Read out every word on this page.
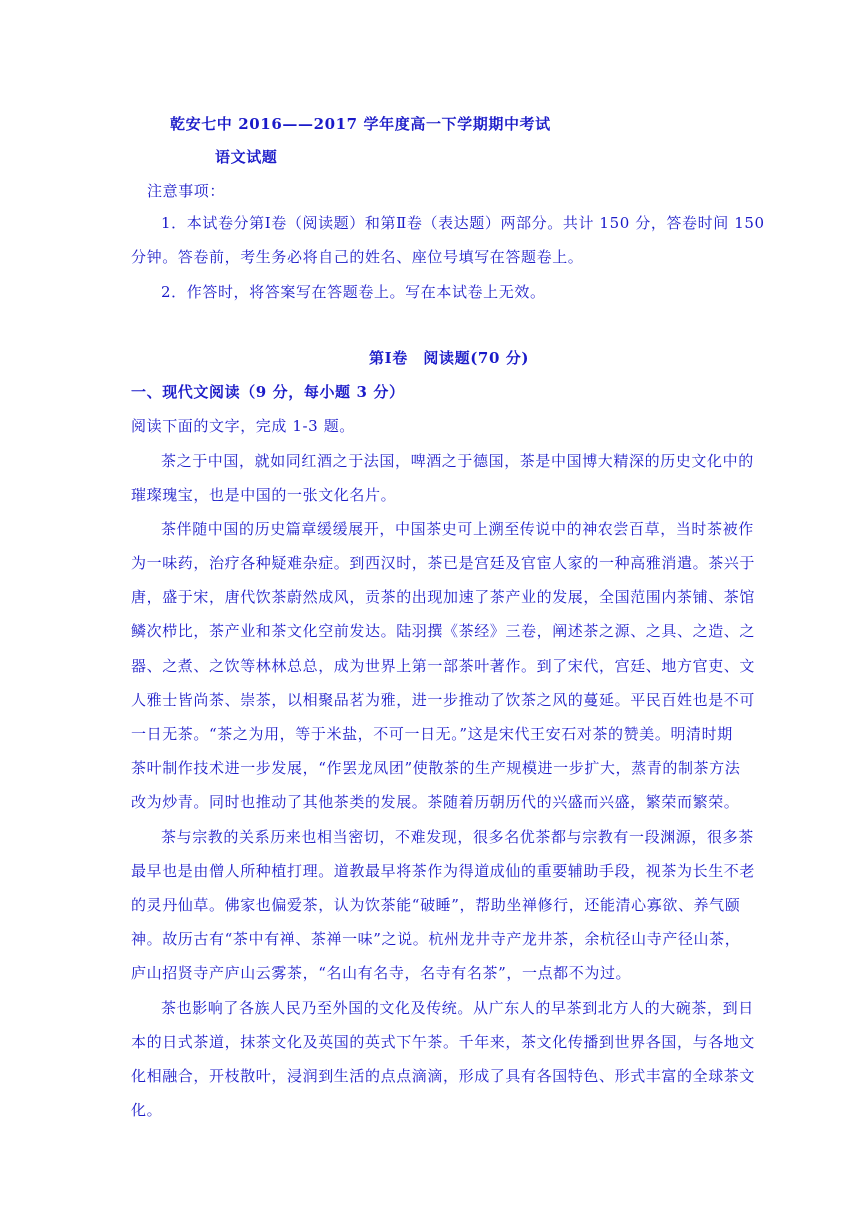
乾安七中 2016——2017 学年度高一下学期期中考试
语文试题
注意事项：
1．本试卷分第Ⅰ卷（阅读题）和第Ⅱ卷（表达题）两部分。共计 150 分，答卷时间 150
分钟。答卷前，考生务必将自己的姓名、座位号填写在答题卷上。
2．作答时，将答案写在答题卷上。写在本试卷上无效。
第Ⅰ卷　阅读题(70 分)
一、现代文阅读（9 分，每小题 3 分）
阅读下面的文字，完成 1-3 题。
茶之于中国，就如同红酒之于法国，啤酒之于德国，茶是中国博大精深的历史文化中的
璀璨瑰宝，也是中国的一张文化名片。
茶伴随中国的历史篇章缓缓展开，中国茶史可上溯至传说中的神农尝百草，当时茶被作
为一味药，治疗各种疑难杂症。到西汉时，茶已是宫廷及官宦人家的一种高雅消遣。茶兴于
唐，盛于宋，唐代饮茶蔚然成风，贡茶的出现加速了茶产业的发展，全国范围内茶铺、茶馆
鳞次栉比，茶产业和茶文化空前发达。陆羽撰《茶经》三卷，阐述茶之源、之具、之造、之
器、之煮、之饮等林林总总，成为世界上第一部茶叶著作。到了宋代，宫廷、地方官吏、文
人雅士皆尚茶、崇茶，以相聚品茗为雅，进一步推动了饮茶之风的蔓延。平民百姓也是不可
一日无茶。“茶之为用，等于米盐，不可一日无。”这是宋代王安石对茶的赞美。明清时期
茶叶制作技术进一步发展，“作罢龙凤团”使散茶的生产规模进一步扩大，蒸青的制茶方法
改为炒青。同时也推动了其他茶类的发展。茶随着历朝历代的兴盛而兴盛，繁荣而繁荣。
茶与宗教的关系历来也相当密切，不难发现，很多名优茶都与宗教有一段渊源，很多茶
最早也是由僧人所种植打理。道教最早将茶作为得道成仙的重要辅助手段，视茶为长生不老
的灵丹仙草。佛家也偏爱茶，认为饮茶能“破睡”，帮助坐禅修行，还能清心寡欲、养气颐
神。故历古有“茶中有禅、茶禅一味”之说。杭州龙井寺产龙井茶，余杭径山寺产径山茶，
庐山招贤寺产庐山云雾茶，“名山有名寺，名寺有名茶”，一点都不为过。
茶也影响了各族人民乃至外国的文化及传统。从广东人的早茶到北方人的大碗茶，到日
本的日式茶道，抹茶文化及英国的英式下午茶。千年来，茶文化传播到世界各国，与各地文
化相融合，开枝散叶，浸润到生活的点点滴滴，形成了具有各国特色、形式丰富的全球茶文
化。
